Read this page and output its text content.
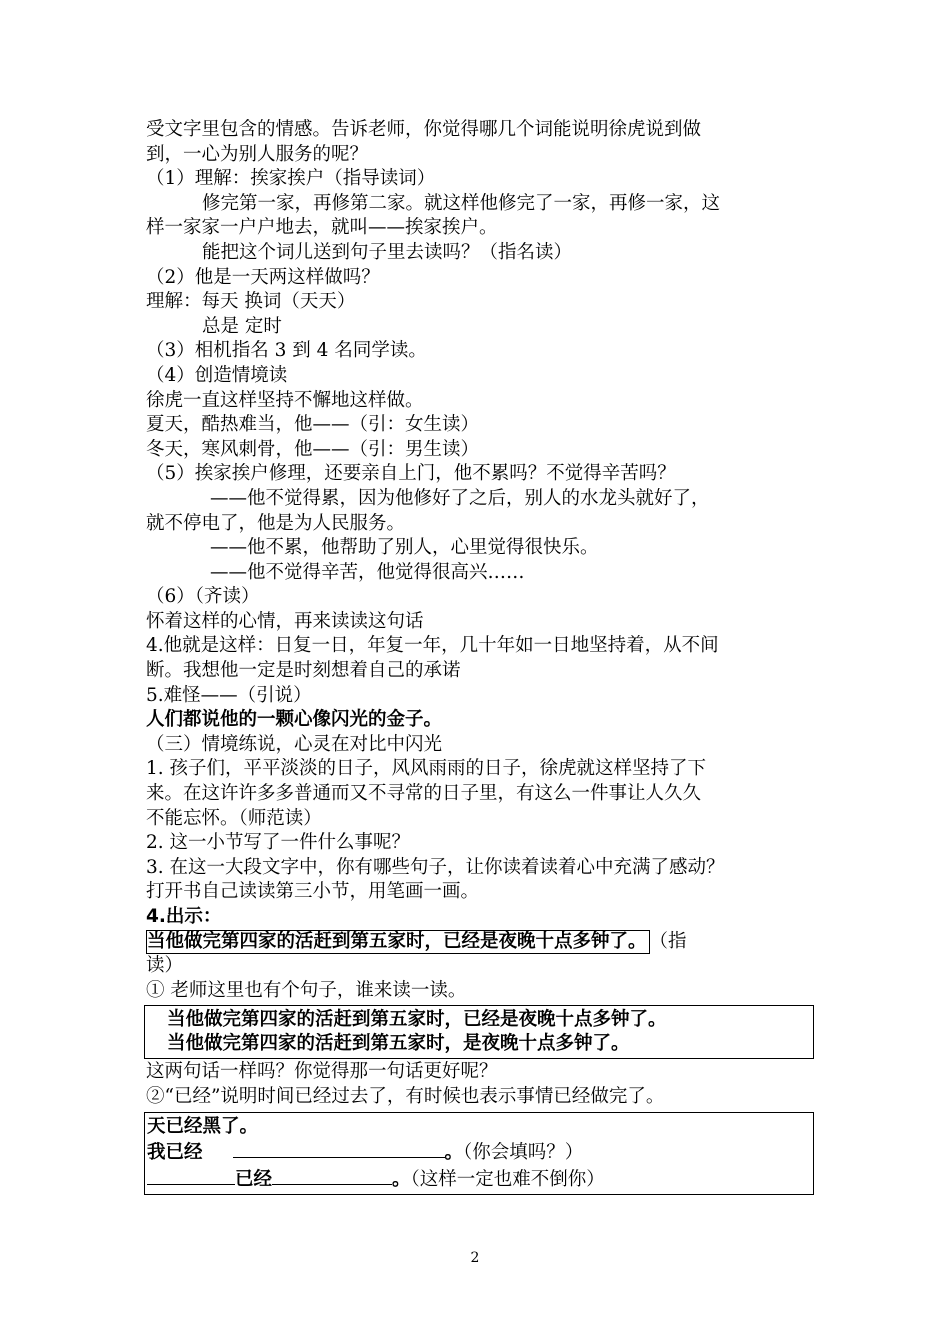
受文字里包含的情感。告诉老师，你觉得哪几个词能说明徐虎说到做
到，一心为别人服务的呢？
（1）理解：挨家挨户（指导读词）
修完第一家，再修第二家。就这样他修完了一家，再修一家，这
样一家家一户户地去，就叫——挨家挨户。
能把这个词儿送到句子里去读吗？（指名读）
（2）他是一天两这样做吗？
理解：每天 换词（天天）
总是 定时
（3）相机指名 3 到 4 名同学读。
（4）创造情境读
徐虎一直这样坚持不懈地这样做。
夏天，酷热难当，他——（引：女生读）
冬天，寒风刺骨，他——（引：男生读）
（5）挨家挨户修理，还要亲自上门，他不累吗？不觉得辛苦吗？
——他不觉得累，因为他修好了之后，别人的水龙头就好了，
就不停电了，他是为人民服务。
——他不累，他帮助了别人，心里觉得很快乐。
——他不觉得辛苦，他觉得很高兴……
（6）（齐读）
怀着这样的心情，再来读读这句话
4.他就是这样：日复一日，年复一年，几十年如一日地坚持着，从不间
断。我想他一定是时刻想着自己的承诺
5.难怪——（引说）
人们都说他的一颗心像闪光的金子。
（三）情境练说，心灵在对比中闪光
1. 孩子们，平平淡淡的日子，风风雨雨的日子，徐虎就这样坚持了下
来。在这许许多多普通而又不寻常的日子里，有这么一件事让人久久
不能忘怀。（师范读）
2. 这一小节写了一件什么事呢？
3. 在这一大段文字中，你有哪些句子，让你读着读着心中充满了感动？
打开书自己读读第三小节，用笔画一画。
4.出示：
当他做完第四家的活赶到第五家时，已经是夜晚十点多钟了。 （指
读）
① 老师这里也有个句子，谁来读一读。
当他做完第四家的活赶到第五家时，已经是夜晚十点多钟了。
当他做完第四家的活赶到第五家时，是夜晚十点多钟了。
这两句话一样吗？你觉得那一句话更好呢？
②“已经”说明时间已经过去了，有时候也表示事情已经做完了。
天已经黑了。
我已经	。（你会填吗？）
已经	。（这样一定也难不倒你）
2
